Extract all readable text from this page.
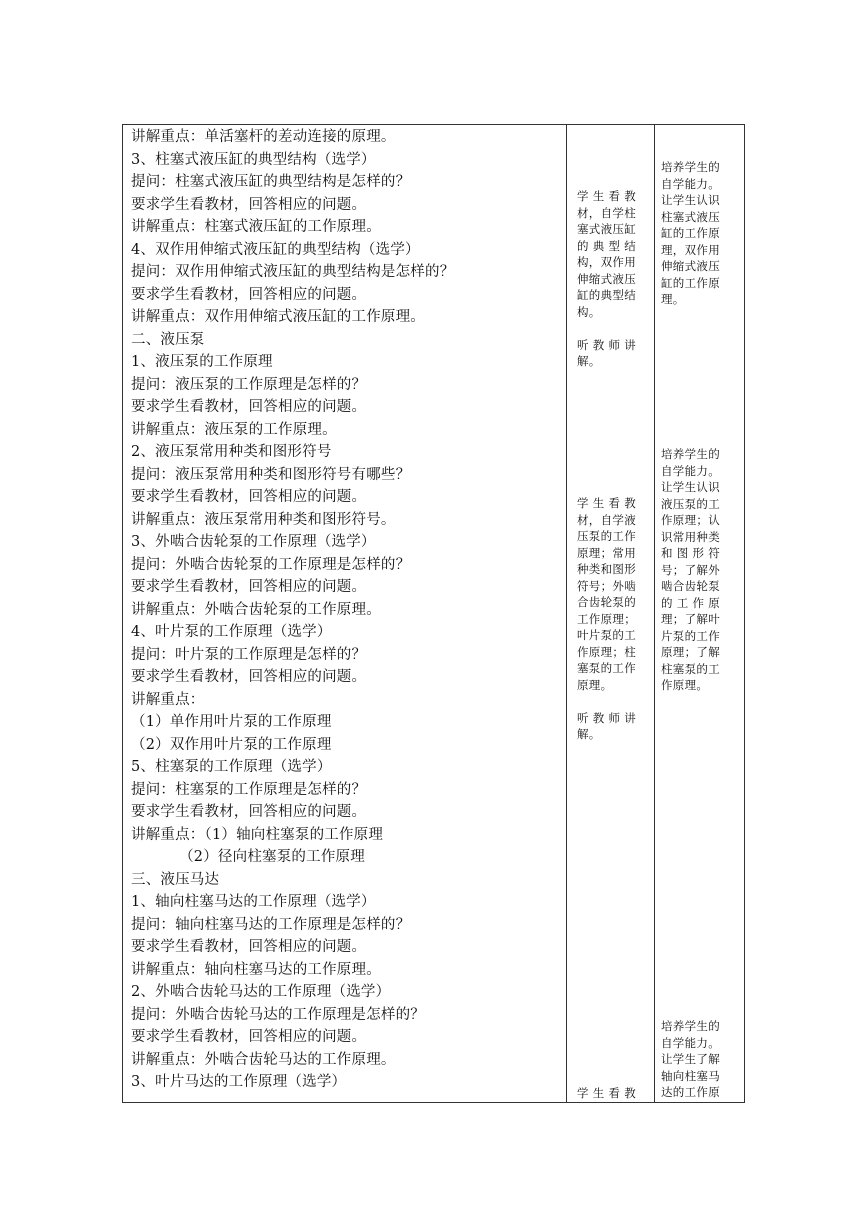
讲解重点：单活塞杆的差动连接的原理。
3、柱塞式液压缸的典型结构（选学）
提问：柱塞式液压缸的典型结构是怎样的？
要求学生看教材，回答相应的问题。
讲解重点：柱塞式液压缸的工作原理。
4、双作用伸缩式液压缸的典型结构（选学）
提问：双作用伸缩式液压缸的典型结构是怎样的？
要求学生看教材，回答相应的问题。
讲解重点：双作用伸缩式液压缸的工作原理。
二、液压泵
1、液压泵的工作原理
提问：液压泵的工作原理是怎样的？
要求学生看教材，回答相应的问题。
讲解重点：液压泵的工作原理。
2、液压泵常用种类和图形符号
提问：液压泵常用种类和图形符号有哪些？
要求学生看教材，回答相应的问题。
讲解重点：液压泵常用种类和图形符号。
3、外啮合齿轮泵的工作原理（选学）
提问：外啮合齿轮泵的工作原理是怎样的？
要求学生看教材，回答相应的问题。
讲解重点：外啮合齿轮泵的工作原理。
4、叶片泵的工作原理（选学）
提问：叶片泵的工作原理是怎样的？
要求学生看教材，回答相应的问题。
讲解重点：
（1）单作用叶片泵的工作原理
（2）双作用叶片泵的工作原理
5、柱塞泵的工作原理（选学）
提问：柱塞泵的工作原理是怎样的？
要求学生看教材，回答相应的问题。
讲解重点：（1）轴向柱塞泵的工作原理
（2）径向柱塞泵的工作原理
三、液压马达
1、轴向柱塞马达的工作原理（选学）
提问：轴向柱塞马达的工作原理是怎样的？
要求学生看教材，回答相应的问题。
讲解重点：轴向柱塞马达的工作原理。
2、外啮合齿轮马达的工作原理（选学）
提问：外啮合齿轮马达的工作原理是怎样的？
要求学生看教材，回答相应的问题。
讲解重点：外啮合齿轮马达的工作原理。
3、叶片马达的工作原理（选学）
学 生 看 教
材，自学柱
塞式液压缸
的 典 型 结
构，双作用
伸缩式液压
缸的典型结
构。
听 教 师 讲
解。
学 生 看 教
材，自学液
压泵的工作
原理；常用
种类和图形
符号；外啮
合齿轮泵的
工作原理；
叶片泵的工
作原理；柱
塞泵的工作
原理。
听 教 师 讲
解。
学 生 看 教
培养学生的
自学能力。
让学生认识
柱塞式液压
缸的工作原
理，双作用
伸缩式液压
缸的工作原
理。
培养学生的
自学能力。
让学生认识
液压泵的工
作原理；认
识常用种类
和 图 形 符
号；了解外
啮合齿轮泵
的 工 作 原
理；了解叶
片泵的工作
原理；了解
柱塞泵的工
作原理。
培养学生的
自学能力。
让学生了解
轴向柱塞马
达的工作原
